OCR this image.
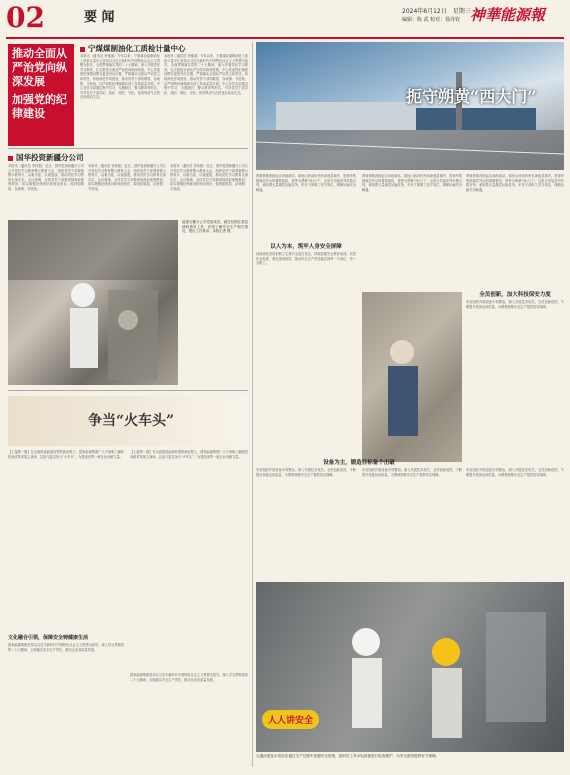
02	要 闻	2024年6月12日　星期三
编辑：陈 武 校对：徐泽钦 神華能源報
推动全面从严治党向纵深发展
加强党的纪律建设
宁煤煤制油化工质检计量中心
本报讯（通讯员 李雅丽）今年以来，宁夏煤业煤制油化工质检计量中心坚持以习近平新时代中国特色社会主义思想为指导，全面贯彻落实党的二十大精神，深入开展党纪学习教育，扎实推进全面从严治党向纵深发展。中心党委把纪律建设摆在更加突出位置，严格落实全面从严治党主体责任，持续深化作风建设，推动党员干部知敬畏、存戒惧、守底线，以严明的纪律保障各项工作高质量开展。中心各党支部通过集中学习、专题研讨、警示教育等形式，引导党员干部学纪、知纪、明纪、守纪，营造风清气正的良好政治生态。
本报讯（通讯员 李雅丽）今年以来，宁夏煤业煤制油化工质检计量中心坚持以习近平新时代中国特色社会主义思想为指导，全面贯彻落实党的二十大精神，深入开展党纪学习教育，扎实推进全面从严治党向纵深发展。中心党委把纪律建设摆在更加突出位置，严格落实全面从严治党主体责任，持续深化作风建设，推动党员干部知敬畏、存戒惧、守底线，以严明的纪律保障各项工作高质量开展。中心各党支部通过集中学习、专题研讨、警示教育等形式，引导党员干部学纪、知纪、明纪、守纪，营造风清气正的良好政治生态。
国华投资新疆分公司
本报讯（通讯员 李伟强）近日，国华投资新疆分公司召开党纪学习教育警示教育大会，组织党员干部观看警示教育片，以案为鉴、以案促改，推动党纪学习教育走深走实。会议强调，全体党员干部要深刻汲取案例教训，切实增强纪律意识和规矩意识，做到知敬畏、存戒惧、守底线。
本报讯（通讯员 李伟强）近日，国华投资新疆分公司召开党纪学习教育警示教育大会，组织党员干部观看警示教育片，以案为鉴、以案促改，推动党纪学习教育走深走实。会议强调，全体党员干部要深刻汲取案例教训，切实增强纪律意识和规矩意识，做到知敬畏、存戒惧、守底线。
本报讯（通讯员 李伟强）近日，国华投资新疆分公司召开党纪学习教育警示教育大会，组织党员干部观看警示教育片，以案为鉴、以案促改，推动党纪学习教育走深走实。会议强调，全体党员干部要深刻汲取案例教训，切实增强纪律意识和规矩意识，做到知敬畏、存戒惧、守底线。
福建石狮分公司党组成员、副总经理在基层调研指导工作，详细了解安全生产相关情况，提出工作要求。本报记者 摄
争当“火车头”
【上接第一版】在全面推进能源转型的新征程上，国家能源集团广大干部职工踊跃投身改革发展主战场，以奋斗姿态争当“火车头”，为建设世界一流企业贡献力量。
【上接第一版】在全面推进能源转型的新征程上，国家能源集团广大干部职工踊跃投身改革发展主战场，以奋斗姿态争当“火车头”，为建设世界一流企业贡献力量。
文化融合引领，保障安全铸健康生活
国家能源集团坚持以习近平新时代中国特色社会主义思想为指导，深入学习贯彻党的二十大精神，全面落实安全生产责任，推动企业高质量发展。
国家能源集团坚持以习近平新时代中国特色社会主义思想为指导，深入学习贯彻党的二十大精神，全面落实安全生产责任，推动企业高质量发展。
扼守朔黄“西大门”
朔黄铁路西段起点神池南站，地处山西省忻州市神池县境内，是神华集团煤炭外运的重要枢纽，被誉为朔黄“西大门”。这里日均接发列车数百列，承担着大量煤炭运输任务。车站干部职工坚守岗位，保障运输安全畅通。
朔黄铁路西段起点神池南站，地处山西省忻州市神池县境内，是神华集团煤炭外运的重要枢纽，被誉为朔黄“西大门”。这里日均接发列车数百列，承担着大量煤炭运输任务。车站干部职工坚守岗位，保障运输安全畅通。
朔黄铁路西段起点神池南站，地处山西省忻州市神池县境内，是神华集团煤炭外运的重要枢纽，被誉为朔黄“西大门”。这里日均接发列车数百列，承担着大量煤炭运输任务。车站干部职工坚守岗位，保障运输安全畅通。
以人为本，筑牢人身安全屏障
神池南站坚持把职工生命安全放在首位，持续加强安全教育培训，完善作业标准，强化现场管控，推动安全生产责任落实到每一个岗位、每一名职工。
全员创新，加大科技保安力度
车站组织开展设备专项整治，深入开展技术攻关，全员创新创效，不断提升设备运用质量，为朔黄铁路安全生产提供坚实保障。
设备为主，锻造目标备个击破
车站组织开展设备专项整治，深入开展技术攻关，全员创新创效，不断提升设备运用质量，为朔黄铁路安全生产提供坚实保障。
车站组织开展设备专项整治，深入开展技术攻关，全员创新创效，不断提升设备运用质量，为朔黄铁路安全生产提供坚实保障。
车站组织开展设备专项整治，深入开展技术攻关，全员创新创效，不断提升设备运用质量，为朔黄铁路安全生产提供坚实保障。
人人讲安全
大通河莲花水电站在通过生产过程中加强安全管理，组织员工对水电设备进行检查维护，为安全度汛提供有力保障。
